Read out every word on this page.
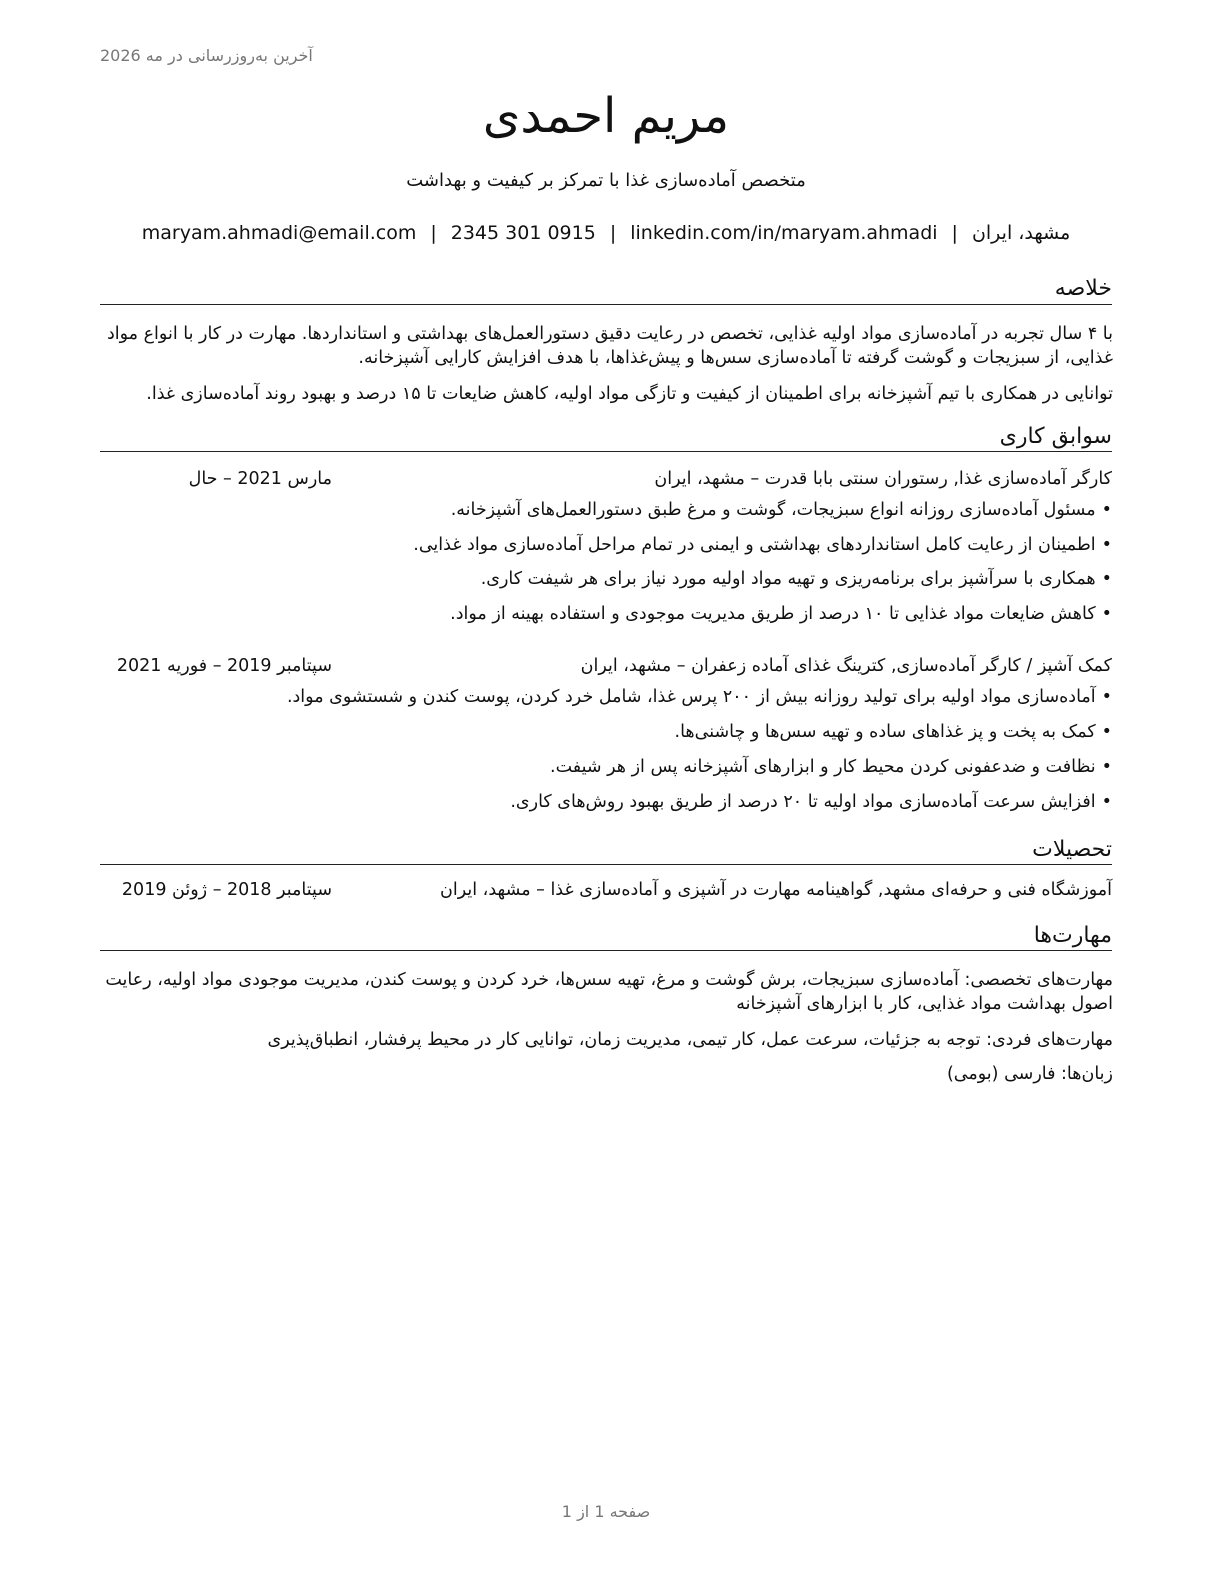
آخرین به‌روزرسانی در مه 2026
مریم احمدی
متخصص آماده‌سازی غذا با تمرکز بر کیفیت و بهداشت
مشهد، ایران|maryam.ahmadi@email.com | 2345 301 0915 | linkedin.com/in/maryam.ahmadi
خلاصه
با ۴ سال تجربه در آماده‌سازی مواد اولیه غذایی، تخصص در رعایت دقیق دستورالعمل‌های بهداشتی و استانداردها. مهارت در کار با انواع مواد غذایی، از سبزیجات و گوشت گرفته تا آماده‌سازی سس‌ها و پیش‌غذاها، با هدف افزایش کارایی آشپزخانه.
توانایی در همکاری با تیم آشپزخانه برای اطمینان از کیفیت و تازگی مواد اولیه، کاهش ضایعات تا ۱۵ درصد و بهبود روند آماده‌سازی غذا.
سوابق کاری
کارگر آماده‌سازی غذا, رستوران سنتی بابا قدرت – مشهد، ایران
مارس 2021 – حال
•مسئول آماده‌سازی روزانه انواع سبزیجات، گوشت و مرغ طبق دستورالعمل‌های آشپزخانه.
•اطمینان از رعایت کامل استانداردهای بهداشتی و ایمنی در تمام مراحل آماده‌سازی مواد غذایی.
•همکاری با سرآشپز برای برنامه‌ریزی و تهیه مواد اولیه مورد نیاز برای هر شیفت کاری.
•کاهش ضایعات مواد غذایی تا ۱۰ درصد از طریق مدیریت موجودی و استفاده بهینه از مواد.
کمک آشپز / کارگر آماده‌سازی, کترینگ غذای آماده زعفران – مشهد، ایران
سپتامبر 2019 – فوریه 2021
•آماده‌سازی مواد اولیه برای تولید روزانه بیش از ۲۰۰ پرس غذا، شامل خرد کردن، پوست کندن و شستشوی مواد.
•کمک به پخت و پز غذاهای ساده و تهیه سس‌ها و چاشنی‌ها.
•نظافت و ضدعفونی کردن محیط کار و ابزارهای آشپزخانه پس از هر شیفت.
•افزایش سرعت آماده‌سازی مواد اولیه تا ۲۰ درصد از طریق بهبود روش‌های کاری.
تحصیلات
آموزشگاه فنی و حرفه‌ای مشهد, گواهینامه مهارت در آشپزی و آماده‌سازی غذا – مشهد، ایران
سپتامبر 2018 – ژوئن 2019
مهارت‌ها
مهارت‌های تخصصی: آماده‌سازی سبزیجات، برش گوشت و مرغ، تهیه سس‌ها، خرد کردن و پوست کندن، مدیریت موجودی مواد اولیه، رعایت اصول بهداشت مواد غذایی، کار با ابزارهای آشپزخانه
مهارت‌های فردی: توجه به جزئیات، سرعت عمل، کار تیمی، مدیریت زمان، توانایی کار در محیط پرفشار، انطباق‌پذیری
زبان‌ها: فارسی (بومی)
صفحه 1 از 1
